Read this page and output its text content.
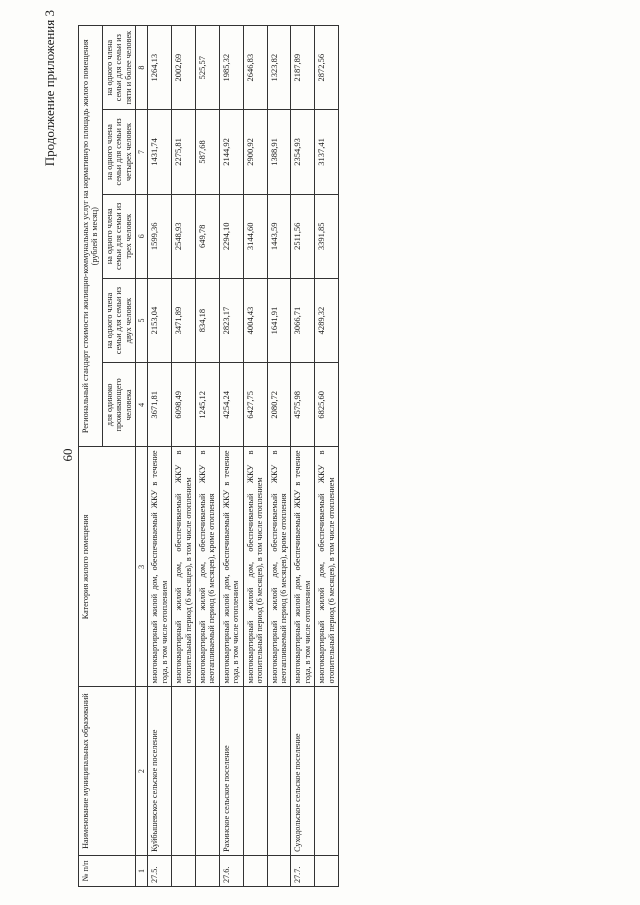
60
Продолжение приложения 3
№ п/п	Наименование муниципальных образований	Категория жилого помещения	Региональный стандарт стоимости жилищно-коммунальных услуг на нормативную площадь жилого помещения (рублей в месяц)				
			для одиноко проживающего человека	на одного члена семьи для семьи из двух человек	на одного члена семьи для семьи из трех человек	на одного члена семьи для семьи из четырех человек	на одного члена семьи для семьи из пяти и более человек
1	2	3	4	5	6	7	8
27.5.	Куйбышевское сельское поселение	многоквартирный жилой дом, обеспечиваемый ЖКУ в течение года, в том числе отоплением	3671,81	2153,04	1599,36	1431,74	1264,13
		многоквартирный жилой дом, обеспечиваемый ЖКУ в отопительный период (6 месяцев), в том числе отоплением	6098,49	3471,89	2548,93	2275,81	2002,69
		многоквартирный жилой дом, обеспечиваемый ЖКУ в неотапливаемый период (6 месяцев), кроме отопления	1245,12	834,18	649,78	587,68	525,57
27.6.	Рахинское сельское поселение	многоквартирный жилой дом, обеспечиваемый ЖКУ в течение года, в том числе отоплением	4254,24	2823,17	2294,10	2144,92	1985,32
		многоквартирный жилой дом, обеспечиваемый ЖКУ в отопительный период (6 месяцев), в том числе отоплением	6427,75	4004,43	3144,60	2900,92	2646,83
		многоквартирный жилой дом, обеспечиваемый ЖКУ в неотапливаемый период (6 месяцев), кроме отопления	2080,72	1641,91	1443,59	1388,91	1323,82
27.7.	Суходольское сельское поселение	многоквартирный жилой дом, обеспечиваемый ЖКУ в течение года, в том числе отоплением	4575,98	3066,71	2511,56	2354,93	2187,89
		многоквартирный жилой дом, обеспечиваемый ЖКУ в отопительный период (6 месяцев), в том числе отоплением	6825,60	4289,32	3391,85	3137,41	2872,56
